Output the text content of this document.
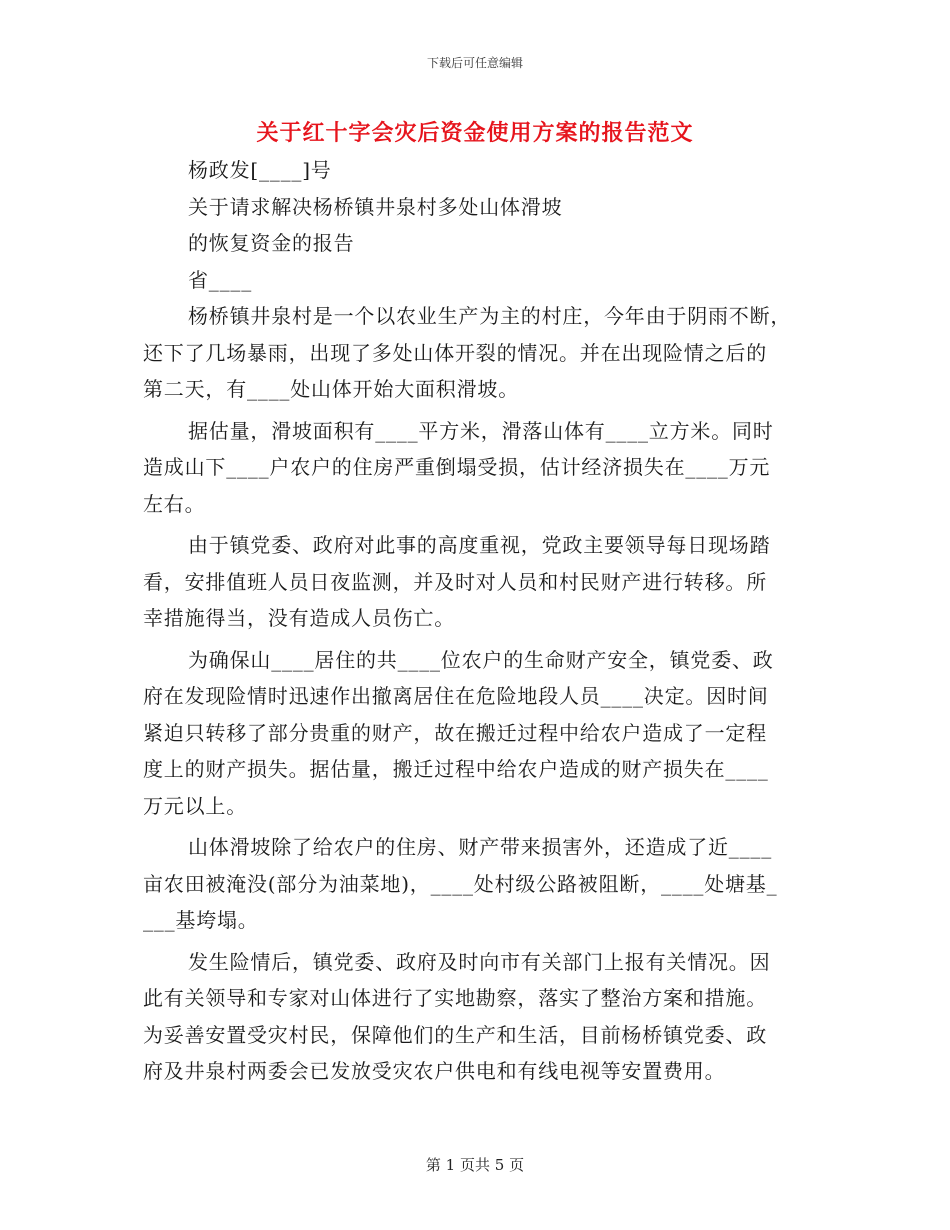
下载后可任意编辑
关于红十字会灾后资金使用方案的报告范文
杨政发[____]号
关于请求解决杨桥镇井泉村多处山体滑坡
的恢复资金的报告
省____
杨桥镇井泉村是一个以农业生产为主的村庄，今年由于阴雨不断，
还下了几场暴雨，出现了多处山体开裂的情况。并在出现险情之后的
第二天，有____处山体开始大面积滑坡。
据估量，滑坡面积有____平方米，滑落山体有____立方米。同时
造成山下____户农户的住房严重倒塌受损，估计经济损失在____万元
左右。
由于镇党委、政府对此事的高度重视，党政主要领导每日现场踏
看，安排值班人员日夜监测，并及时对人员和村民财产进行转移。所
幸措施得当，没有造成人员伤亡。
为确保山____居住的共____位农户的生命财产安全，镇党委、政
府在发现险情时迅速作出撤离居住在危险地段人员____决定。因时间
紧迫只转移了部分贵重的财产，故在搬迁过程中给农户造成了一定程
度上的财产损失。据估量，搬迁过程中给农户造成的财产损失在____
万元以上。
山体滑坡除了给农户的住房、财产带来损害外，还造成了近____
亩农田被淹没(部分为油菜地)，____处村级公路被阻断，____处塘基_
___基垮塌。
发生险情后，镇党委、政府及时向市有关部门上报有关情况。因
此有关领导和专家对山体进行了实地勘察，落实了整治方案和措施。
为妥善安置受灾村民，保障他们的生产和生活，目前杨桥镇党委、政
府及井泉村两委会已发放受灾农户供电和有线电视等安置费用。
第 1 页共 5 页
